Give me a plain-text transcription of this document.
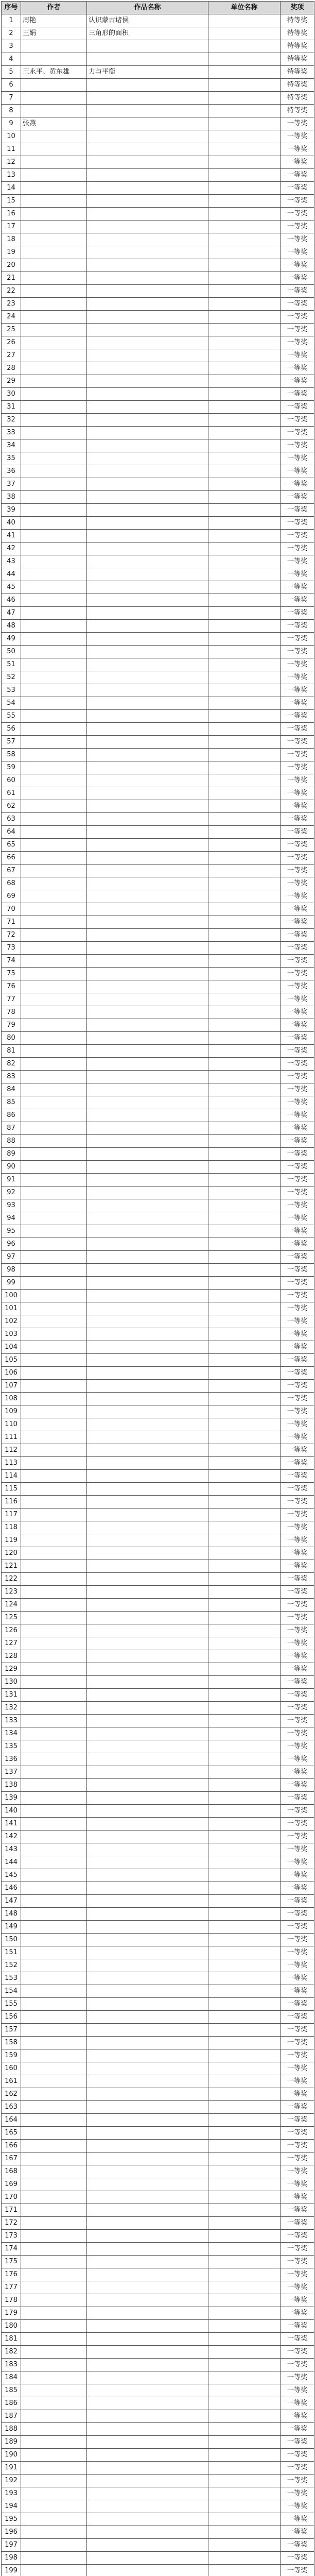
序号	作者	作品名称	单位名称	奖项
1	周艳	认识蒙古诸侯		特等奖
2	王娟	三角形的面积		特等奖
3				特等奖
4				特等奖
5	王永平、黄东雄	力与平衡		特等奖
6				特等奖
7				特等奖
8				特等奖
9	张燕			一等奖
10				一等奖
11				一等奖
12				一等奖
13				一等奖
14				一等奖
15				一等奖
16				一等奖
17				一等奖
18				一等奖
19				一等奖
20				一等奖
21				一等奖
22				一等奖
23				一等奖
24				一等奖
25				一等奖
26				一等奖
27				一等奖
28				一等奖
29				一等奖
30				一等奖
31				一等奖
32				一等奖
33				一等奖
34				一等奖
35				一等奖
36				一等奖
37				一等奖
38				一等奖
39				一等奖
40				一等奖
41				一等奖
42				一等奖
43				一等奖
44				一等奖
45				一等奖
46				一等奖
47				一等奖
48				一等奖
49				一等奖
50				一等奖
51				一等奖
52				一等奖
53				一等奖
54				一等奖
55				一等奖
56				一等奖
57				一等奖
58				一等奖
59				一等奖
60				一等奖
61				一等奖
62				一等奖
63				一等奖
64				一等奖
65				一等奖
66				一等奖
67				一等奖
68				一等奖
69				一等奖
70				一等奖
71				一等奖
72				一等奖
73				一等奖
74				一等奖
75				一等奖
76				一等奖
77				一等奖
78				一等奖
79				一等奖
80				一等奖
81				一等奖
82				一等奖
83				一等奖
84				一等奖
85				一等奖
86				一等奖
87				一等奖
88				一等奖
89				一等奖
90				一等奖
91				一等奖
92				一等奖
93				一等奖
94				一等奖
95				一等奖
96				一等奖
97				一等奖
98				一等奖
99				一等奖
100				一等奖
101				一等奖
102				一等奖
103				一等奖
104				一等奖
105				一等奖
106				一等奖
107				一等奖
108				一等奖
109				一等奖
110				一等奖
111				一等奖
112				一等奖
113				一等奖
114				一等奖
115				一等奖
116				一等奖
117				一等奖
118				一等奖
119				一等奖
120				一等奖
121				一等奖
122				一等奖
123				一等奖
124				一等奖
125				一等奖
126				一等奖
127				一等奖
128				一等奖
129				一等奖
130				一等奖
131				一等奖
132				一等奖
133				一等奖
134				一等奖
135				一等奖
136				一等奖
137				一等奖
138				一等奖
139				一等奖
140				一等奖
141				一等奖
142				一等奖
143				一等奖
144				一等奖
145				一等奖
146				一等奖
147				一等奖
148				一等奖
149				一等奖
150				一等奖
151				一等奖
152				一等奖
153				一等奖
154				一等奖
155				一等奖
156				一等奖
157				一等奖
158				一等奖
159				一等奖
160				一等奖
161				一等奖
162				一等奖
163				一等奖
164				一等奖
165				一等奖
166				一等奖
167				一等奖
168				一等奖
169				一等奖
170				一等奖
171				一等奖
172				一等奖
173				一等奖
174				一等奖
175				一等奖
176				一等奖
177				一等奖
178				一等奖
179				一等奖
180				一等奖
181				一等奖
182				一等奖
183				一等奖
184				一等奖
185				一等奖
186				一等奖
187				一等奖
188				一等奖
189				一等奖
190				一等奖
191				一等奖
192				一等奖
193				一等奖
194				一等奖
195				一等奖
196				一等奖
197				一等奖
198				一等奖
199				一等奖
